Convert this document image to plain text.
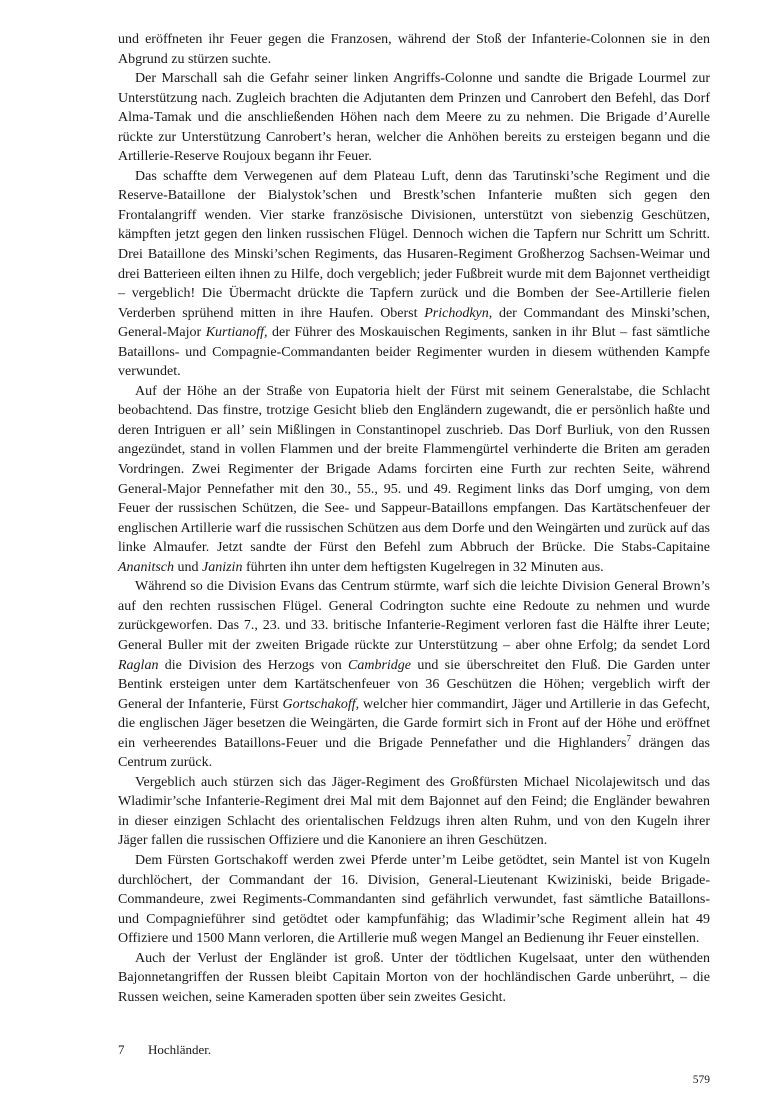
und eröffneten ihr Feuer gegen die Franzosen, während der Stoß der Infanterie-Colonnen sie in den Abgrund zu stürzen suchte.

Der Marschall sah die Gefahr seiner linken Angriffs-Colonne und sandte die Brigade Lourmel zur Unterstützung nach. Zugleich brachten die Adjutanten dem Prinzen und Canrobert den Befehl, das Dorf Alma-Tamak und die anschließenden Höhen nach dem Meere zu zu nehmen. Die Brigade d’Aurelle rückte zur Unterstützung Canrobert’s heran, welcher die Anhöhen bereits zu ersteigen begann und die Artillerie-Reserve Roujoux begann ihr Feuer.

Das schaffte dem Verwegenen auf dem Plateau Luft, denn das Tarutinski’sche Regiment und die Reserve-Bataillone der Bialystok’schen und Brestk’schen Infanterie mußten sich gegen den Frontalangriff wenden. Vier starke französische Divisionen, unterstützt von siebenzig Geschützen, kämpften jetzt gegen den linken russischen Flügel. Dennoch wichen die Tapfern nur Schritt um Schritt. Drei Bataillone des Minski’schen Regiments, das Husaren-Regiment Großherzog Sachsen-Weimar und drei Batterieen eilten ihnen zu Hilfe, doch vergeblich; jeder Fußbreit wurde mit dem Bajonnet vertheidigt – vergeblich! Die Übermacht drückte die Tapfern zurück und die Bomben der See-Artillerie fielen Verderben sprühend mitten in ihre Haufen. Oberst Prichodkyn, der Commandant des Minski’schen, General-Major Kurtianoff, der Führer des Moskauischen Regiments, sanken in ihr Blut – fast sämtliche Bataillons- und Compagnie-Commandanten beider Regimenter wurden in diesem wüthenden Kampfe verwundet.

Auf der Höhe an der Straße von Eupatoria hielt der Fürst mit seinem Generalstabe, die Schlacht beobachtend. Das finstre, trotzige Gesicht blieb den Engländern zugewandt, die er persönlich haßte und deren Intriguen er all’ sein Mißlingen in Constantinopel zuschrieb. Das Dorf Burliuk, von den Russen angezündet, stand in vollen Flammen und der breite Flammengürtel verhinderte die Briten am geraden Vordringen. Zwei Regimenter der Brigade Adams forcirten eine Furth zur rechten Seite, während General-Major Pennefather mit den 30., 55., 95. und 49. Regiment links das Dorf umging, von dem Feuer der russischen Schützen, die See- und Sappeur-Bataillons empfangen. Das Kartätschenfeuer der englischen Artillerie warf die russischen Schützen aus dem Dorfe und den Weingärten und zurück auf das linke Almaufer. Jetzt sandte der Fürst den Befehl zum Abbruch der Brücke. Die Stabs-Capitaine Ananitsch und Janizin führten ihn unter dem heftigsten Kugelregen in 32 Minuten aus.

Während so die Division Evans das Centrum stürmte, warf sich die leichte Division General Brown’s auf den rechten russischen Flügel. General Codrington suchte eine Redoute zu nehmen und wurde zurückgeworfen. Das 7., 23. und 33. britische Infanterie-Regiment verloren fast die Hälfte ihrer Leute; General Buller mit der zweiten Brigade rückte zur Unterstützung – aber ohne Erfolg; da sendet Lord Raglan die Division des Herzogs von Cambridge und sie überschreitet den Fluß. Die Garden unter Bentink ersteigen unter dem Kartätschenfeuer von 36 Geschützen die Höhen; vergeblich wirft der General der Infanterie, Fürst Gortschakoff, welcher hier commandirt, Jäger und Artillerie in das Gefecht, die englischen Jäger besetzen die Weingärten, die Garde formirt sich in Front auf der Höhe und eröffnet ein verheerendes Bataillons-Feuer und die Brigade Pennefather und die Highlanders$^7$ drängen das Centrum zurück.

Vergeblich auch stürzen sich das Jäger-Regiment des Großfürsten Michael Nicolajewitsch und das Wladimir’sche Infanterie-Regiment drei Mal mit dem Bajonnet auf den Feind; die Engländer bewahren in dieser einzigen Schlacht des orientalischen Feldzugs ihren alten Ruhm, und von den Kugeln ihrer Jäger fallen die russischen Offiziere und die Kanoniere an ihren Geschützen.

Dem Fürsten Gortschakoff werden zwei Pferde unter’m Leibe getödtet, sein Mantel ist von Kugeln durchlöchert, der Commandant der 16. Division, General-Lieutenant Kwiziniski, beide Brigade-Commandeure, zwei Regiments-Commandanten sind gefährlich verwundet, fast sämtliche Bataillons- und Compagnieführer sind getödtet oder kampfunfähig; das Wladimir’sche Regiment allein hat 49 Offiziere und 1500 Mann verloren, die Artillerie muß wegen Mangel an Bedienung ihr Feuer einstellen.

Auch der Verlust der Engländer ist groß. Unter der tödtlichen Kugelsaat, unter den wüthenden Bajonnetangriffen der Russen bleibt Capitain Morton von der hochländischen Garde unberührt, – die Russen weichen, seine Kameraden spotten über sein zweites Gesicht.

7 Hochländer.
579
